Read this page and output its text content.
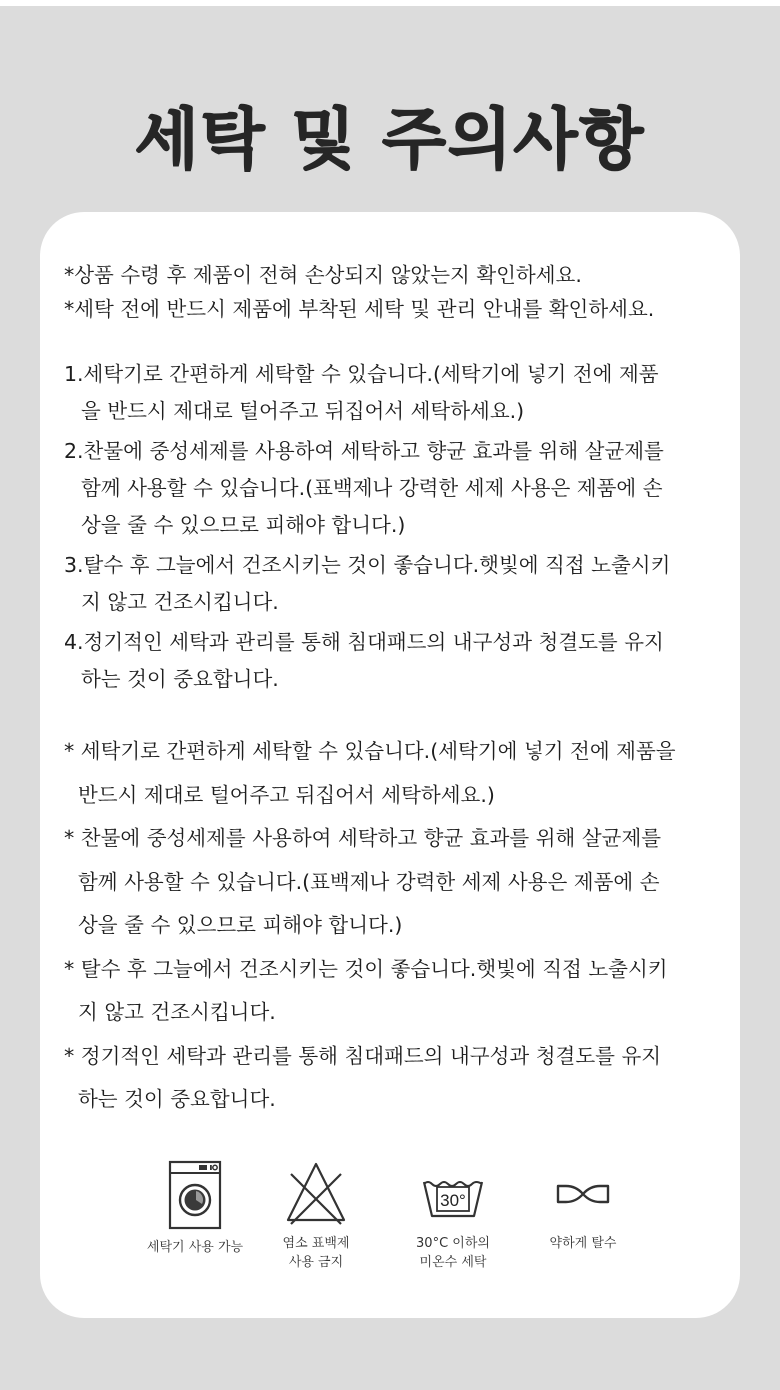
세탁 및 주의사항
*상품 수령 후 제품이 전혀 손상되지 않았는지 확인하세요.
*세탁 전에 반드시 제품에 부착된 세탁 및 관리 안내를 확인하세요.
1.세탁기로 간편하게 세탁할 수 있습니다.(세탁기에 넣기 전에 제품
을 반드시 제대로 털어주고 뒤집어서 세탁하세요.)
2.찬물에 중성세제를 사용하여 세탁하고 향균 효과를 위해 살균제를
함께 사용할 수 있습니다.(표백제나 강력한 세제 사용은 제품에 손
상을 줄 수 있으므로 피해야 합니다.)
3.탈수 후 그늘에서 건조시키는 것이 좋습니다.햇빛에 직접 노출시키
지 않고 건조시킵니다.
4.정기적인 세탁과 관리를 통해 침대패드의 내구성과 청결도를 유지
하는 것이 중요합니다.
* 세탁기로 간편하게 세탁할 수 있습니다.(세탁기에 넣기 전에 제품을
반드시 제대로 털어주고 뒤집어서 세탁하세요.)
* 찬물에 중성세제를 사용하여 세탁하고 향균 효과를 위해 살균제를
함께 사용할 수 있습니다.(표백제나 강력한 세제 사용은 제품에 손
상을 줄 수 있으므로 피해야 합니다.)
* 탈수 후 그늘에서 건조시키는 것이 좋습니다.햇빛에 직접 노출시키
지 않고 건조시킵니다.
* 정기적인 세탁과 관리를 통해 침대패드의 내구성과 청결도를 유지
하는 것이 중요합니다.
세탁기 사용 가능	염소 표백제
사용 금지
30°
30°C 이하의
미온수 세탁
약하게 탈수
